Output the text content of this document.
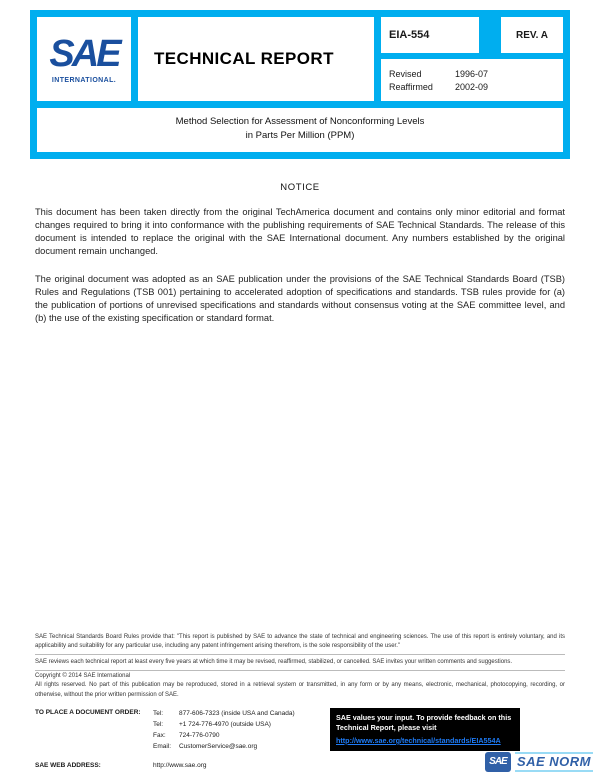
SAE
INTERNATIONAL.
TECHNICAL REPORT
EIA-554	REV. A
Revised	1996-07
Reaffirmed	2002-09
Method Selection for Assessment of Nonconforming Levels in Parts Per Million (PPM)
NOTICE

This document has been taken directly from the original TechAmerica document and contains only minor editorial and format changes required to bring it into conformance with the publishing requirements of SAE Technical Standards. The release of this document is intended to replace the original with the SAE International document. Any numbers established by the original document remain unchanged.

The original document was adopted as an SAE publication under the provisions of the SAE Technical Standards Board (TSB) Rules and Regulations (TSB 001) pertaining to accelerated adoption of specifications and standards. TSB rules provide for (a) the publication of portions of unrevised specifications and standards without consensus voting at the SAE committee level, and (b) the use of the existing specification or standard format.

SAE Technical Standards Board Rules provide that: "This report is published by SAE to advance the state of technical and engineering sciences. The use of this report is entirely voluntary, and its applicability and suitability for any particular use, including any patent infringement arising therefrom, is the sole responsibility of the user."
SAE reviews each technical report at least every five years at which time it may be revised, reaffirmed, stabilized, or cancelled. SAE invites your written comments and suggestions.
Copyright © 2014 SAE International
All rights reserved. No part of this publication may be reproduced, stored in a retrieval system or transmitted, in any form or by any means, electronic, mechanical, photocopying, recording, or otherwise, without the prior written permission of SAE.
TO PLACE A DOCUMENT ORDER:	Tel:	877-606-7323 (inside USA and Canada)
Tel:	+1 724-776-4970 (outside USA)
Fax:	724-776-0790
Email:	CustomerService@sae.org
SAE WEB ADDRESS:	http://www.sae.org
SAE values your input. To provide feedback on this Technical Report, please visit
http://www.sae.org/technical/standards/EIA554A
SAE SAE NORM
